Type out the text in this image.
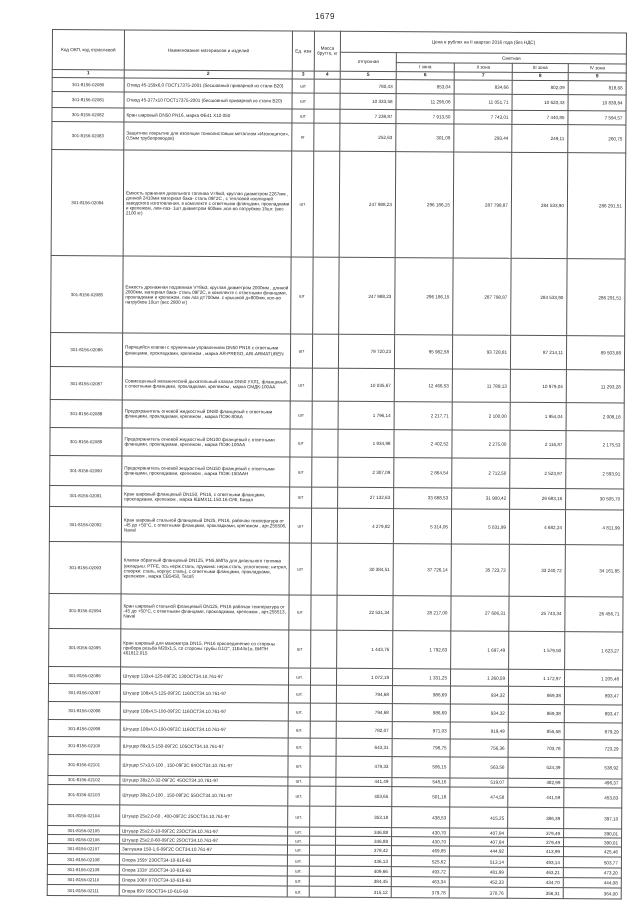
1679
Код ОКП, код отраслевой	Наименование материалов и изделий	Ед. изм	Масса брутто, кг	Цена в рублях на II квартал 2016 года (без НДС)				
				отпускная	Сметная			
					I зона	II зона	III зона	IV зона
1	2	3	4	5	6	7	8	9
301-8156-02080	Отвод 45-159х6,0 ГОСТ17375-2001 (бесшовный приварной из стали В20)	шт		780,43	853,04	834,66	802,09	818,66
301-8156-02081	Отвод 45-377х10 ГОСТ17375-2001 (бесшовный приварной из стали В20)	шт		10 333,58	11 295,06	11 051,71	10 620,43	10 839,84
301-8156-02082	Кран шаровый DN50 PN16, марка ФБ41 Х10 050	шт		7 239,87	7 913,50	7 743,01	7 440,85	7 594,57
301-8156-02083	Защитное покрытие для изоляции тонколистовым металлом «Изоляцитол», 0,5мм трубопроводов)	кг		252,63	301,09	293,44	249,11	260,75
301-8156-02084	Емкость хранения дизельного топлива V=9м3, круглая диаметром 2267мм , длиной 2410мм материал бака- сталь 09Г2С , с тепловой изоляцией заводского изготовления, в комплекте с ответными фланцами, прокладками и крепежом, люк-лаз- 1шт диаметром 600мм ,кол-во патрубков 15шт. (вес 2100 кг)	шт		247 988,23	296 186,15	287 798,87	284 533,90	286 291,51
301-8156-02085	Емкость дренажная подземная V=8м3, круглая диаметром 2000мм , длиной 2800мм, материал бака- сталь 09Г2С, в комплекте с ответными фланцами, прокладками и крепежом, люк лаз д=700мм. с крышкой д=800мм, кол-во патрубков 10шт (вес 2800 кг)	шт		247 988,23	296 186,15	287 798,87	284 533,90	286 291,51
301-8156-02086	Парящийся клапан с пружинным управлением DN50 PN16 с ответными фланцами, прокладками, крепежом , марка AR-PRESO, ARI-ARMATUREN	шт		79 720,23	95 982,58	93 728,81	87 214,11	89 503,88
301-8156-02087	Совмещенный механический дыхательный клапан DN50 УХЛ1, фланцевый, с ответными фланцами, прокладками, крепежом , марка СМДК-100АА	шт		10 035,67	12 466,53	11 789,13	10 979,04	11 293,28
301-8156-02088	Предохранитель огневой жидкостный DN80 фланцевый с ответными фланцами, прокладками, крепежом , марка ПОЖ-80АА	шт		1 796,14	2 217,71	2 100,00	1 954,04	2 008,18
301-8156-02089	Предохранитель огневой жидкостный DN100 фланцевый с ответными фланцами, прокладками, крепежом , марка ПОЖ-100АА	шт		1 934,98	2 402,52	2 275,00	2 116,87	2 175,53
301-8156-02090	Предохранитель огневой жидкостный DN150 фланцевый с ответными фланцами, прокладками, крепежом , марка ПОЖ-150ААН	шт		2 307,09	2 864,54	2 712,50	2 523,97	2 593,91
301-8156-02091	Кран шаровый фланцевый DN150, PN16, с ответными фланцами, прокладками, крепежом , марка КШМХ11.150.16-О/Ф, Бивал	шт		27 132,63	33 688,53	31 900,42	29 683,16	30 505,70
301-8156-02092	Кран шаровый стальной фланцевый DN25, PN16, рабочая температура от -45 до +50°С, с ответными фланцами, прокладками, крепежом , арт.255506, Naval	шт		4 279,82	5 314,05	5 031,99	4 682,24	4 811,99
301-8156-02093	Клапан обратный фланцевый DN125, PN5,5МПа для дизельного топлива (вкладыш: PTFE, ось нерж.сталь, пружина: нерж.сталь, уплотнение: нитрил, створки: сталь, корпус сталь), с ответными фланцами, прокладками, крепежом , марка CB5450, Tecofi	шт		30 384,51	37 726,14	35 723,73	33 240,72	34 161,85
301-8156-02094	Кран шаровый стальной фланцевый DN125, PN16 рабочая температура от -45 до +50°С, с ответными фланцами, прокладками, крепежом , арт.255513, Naval	шт		22 531,34	28 217,00	27 606,31	25 743,34	26 456,71
301-8156-02095	Кран шаровый для манометра DN15, PN16 присоединение со стороны прибора резьба М20х1,5, со стороны трубы G1/2", 11Б44п1в, ВИПН 461812.015	шт		1 443,76	1 792,63	1 697,49	1 579,50	1 623,27
301-8156-02096	Штуцер 133х4-125-09Г2С 130ОСТ34.10.761-97	шт.		1 072,19	1 331,25	1 260,59	1 172,97	1 205,48
301-8156-02097	Штуцер 108х4,5-125-09Г2С 116ОСТ34.10.761-97	шт.		794,68	986,69	934,32	869,38	893,47
301-8156-02098	Штуцер 108х4,5-100-09Г2С 116ОСТ34.10.761-97	шт.		794,68	986,69	934,32	869,38	893,47
301-8156-02099	Штуцер 108х4,0-100-09Г2С 116ОСТ34.10.761-97	шт.		782,07	971,03	919,49	855,58	879,29
301-8156-02100	Штуцер 89х3,5-150-09Г2С 105ОСТ34.10.761-97	шт.		643,31	798,75	756,36	703,78	723,29
301-8156-02101	Штуцер 57х3,0-100 , 150-09Г2С 84ОСТ34.10.761-97	шт.		479,33	595,15	563,56	524,39	538,92
301-8156-02102	Штуцер 38х2,0-32-09Г2С 45ОСТ34.10.761-97	шт.		441,49	548,16	519,07	482,99	496,37
301-8156-02103	Штуцер 38х2,0-100 , 150-09Г2С 55ОСТ34.10.761-97	шт.		403,65	501,18	474,58	441,59	453,83
301-8156-02104	Штуцер 25х2,0-60 , 400-09Г2С 25ОСТ34.10.761-97	шт.		353,18	438,53	415,25	386,39	397,10
301-8156-02105	Штуцер 25х2,0-10-09Г2С 23ОСТ34.10.761-97	шт.		346,88	430,70	407,84	379,49	390,01
301-8156-02106	Штуцер 25х2,0-60-09Г2С 25ОСТ34.10.761-97	шт.		346,88	430,70	407,84	379,49	390,01
301-8156-02107	Заглушка 150-1,6-09Г2С ОСТ34.10.761-97	шт.		378,42	469,85	444,92	413,99	425,46
301-8156-02108	Опора 159У 23ОСТ34-10-616-93	шт.		436,13	525,62	513,14	493,14	503,77
301-8156-02109	Опора 133У 15ОСТ34-10-616-93	шт.		409,66	493,72	481,99	463,21	473,20
301-8156-02110	Опора 108У 07ОСТ34-10-616-93	шт.		384,45	463,34	452,33	434,70	444,08
301-8156-02111	Опора 89У 05ОСТ34-10-616-93	шт.		315,12	379,78	370,76	356,31	364,00
